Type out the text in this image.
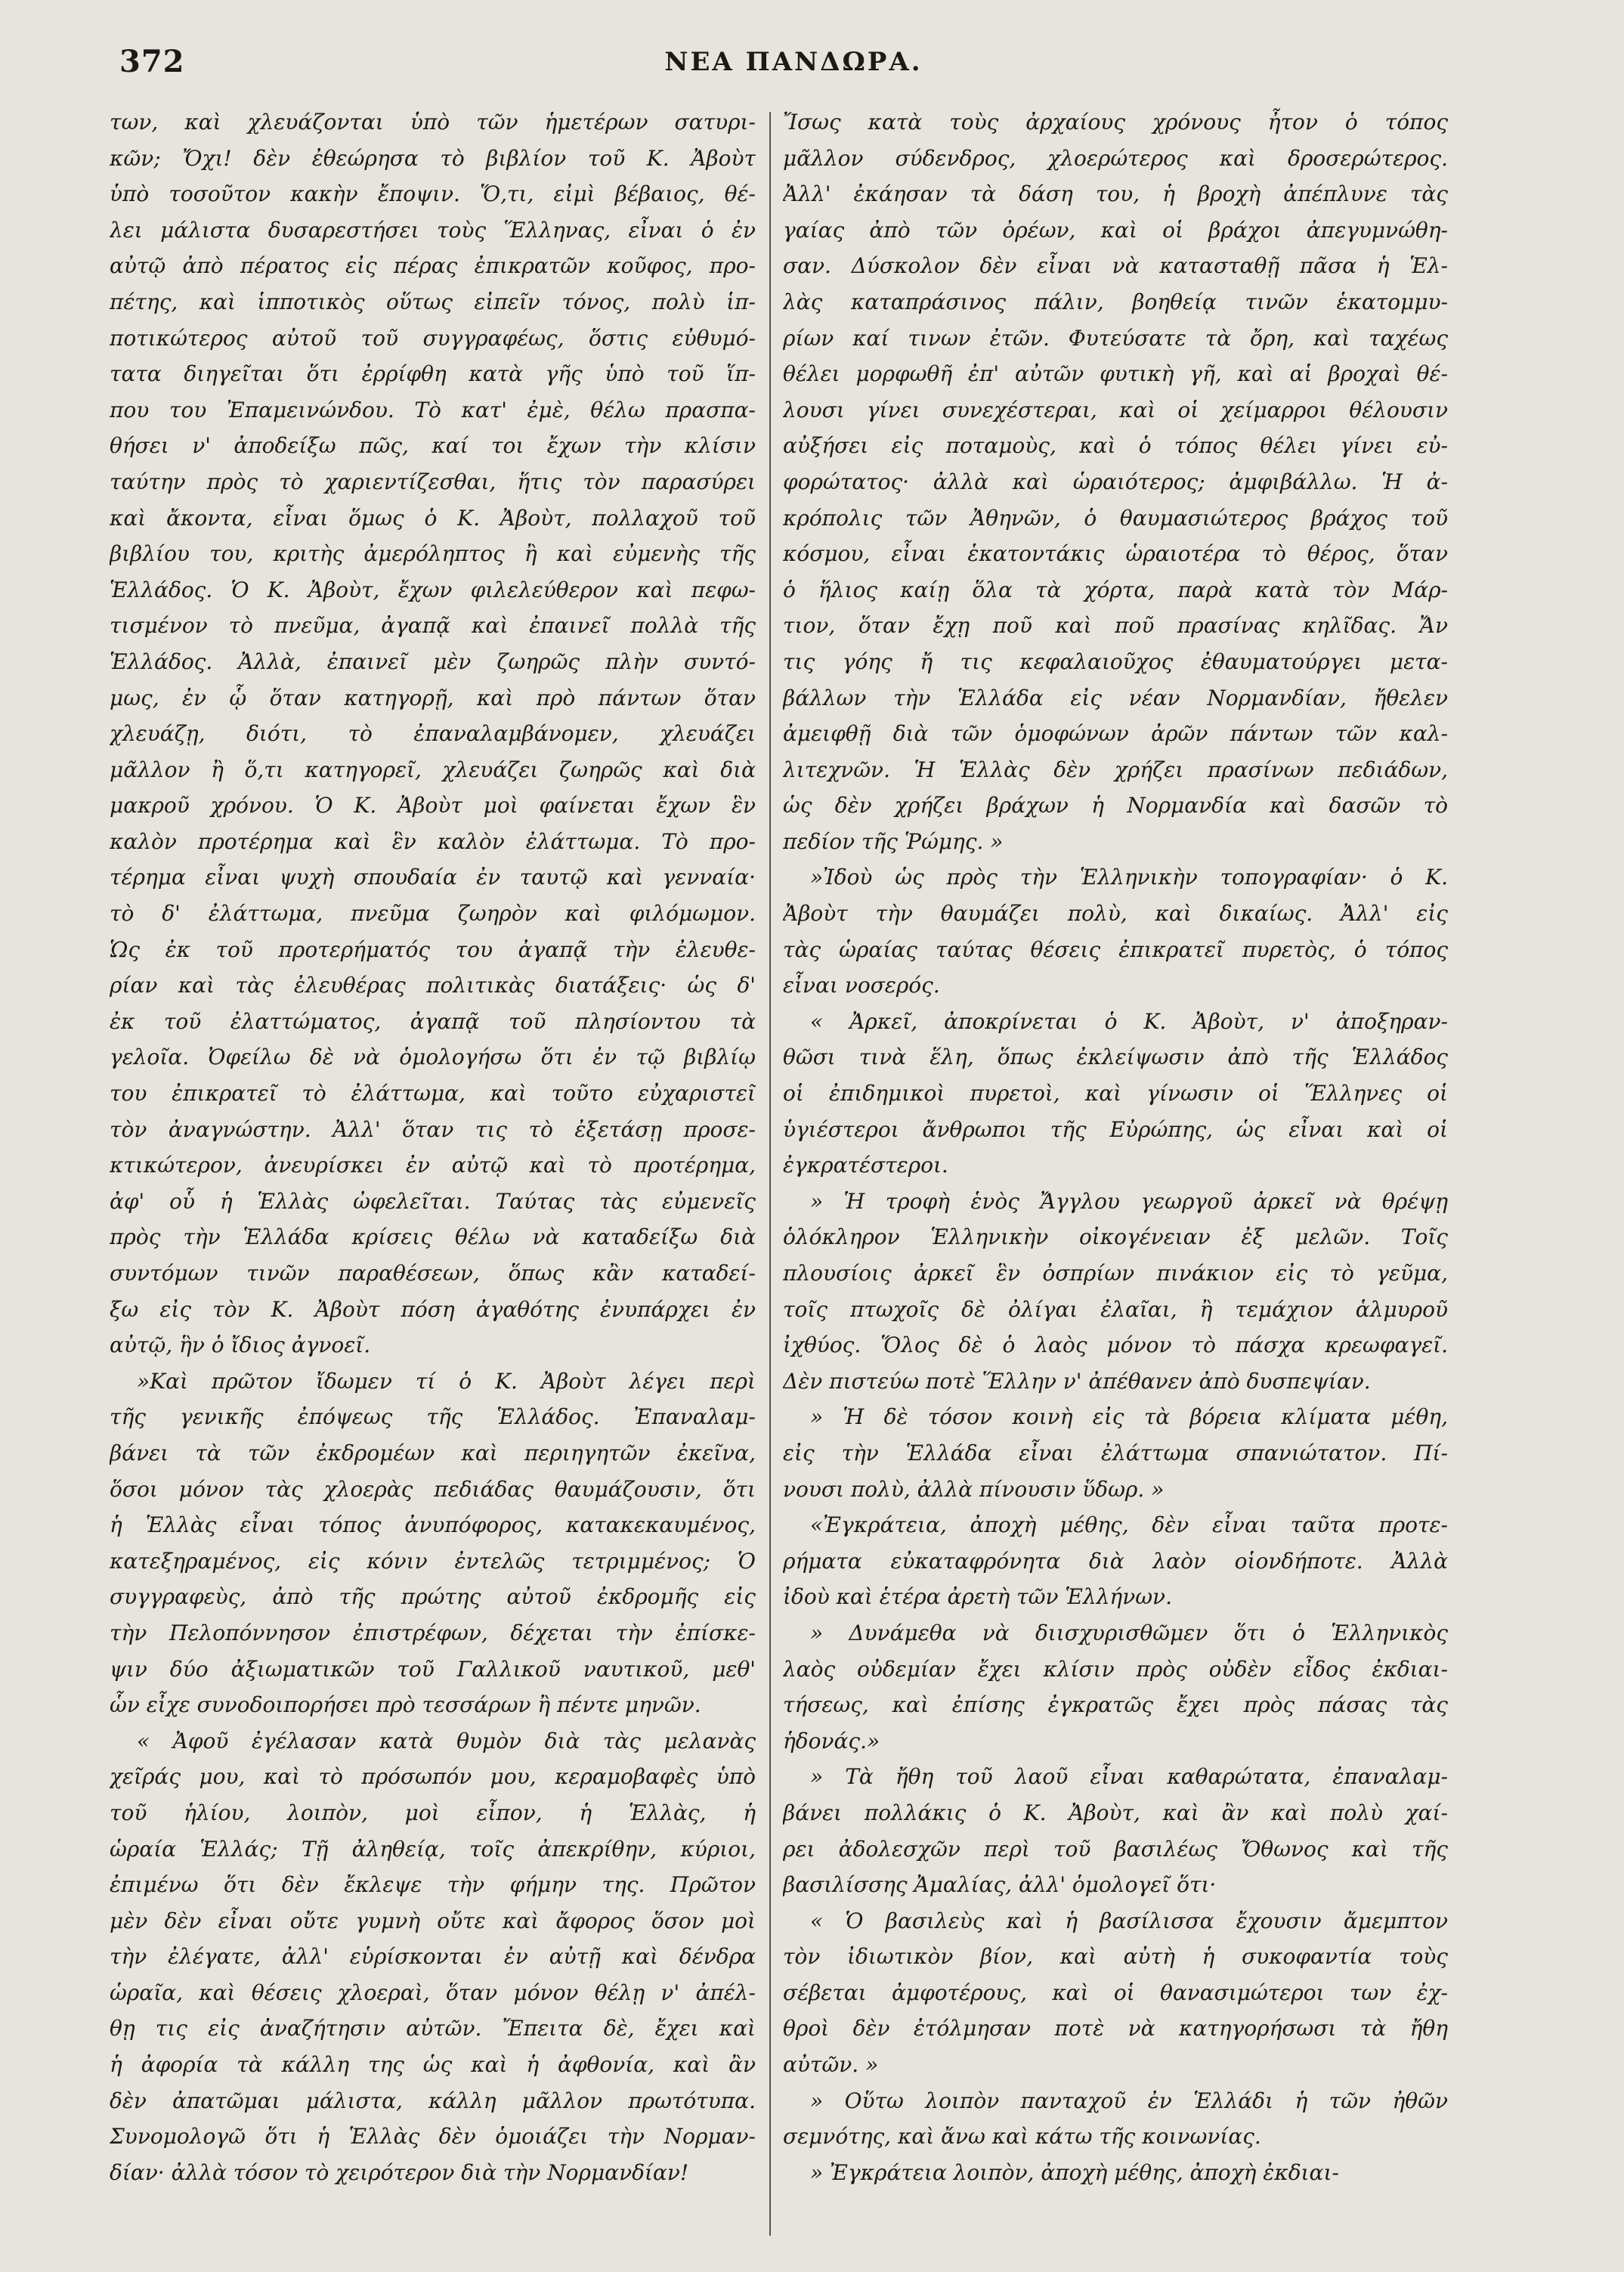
372	ΝΕΑ ΠΑΝΔΩΡΑ.
των, καὶ χλευάζονται ὑπὸ τῶν ἡμετέρων σατυρι-
κῶν; Ὄχι! δὲν ἐθεώρησα τὸ βιβλίον τοῦ Κ. Ἀβοὺτ
ὑπὸ τοσοῦτον κακὴν ἔποψιν. Ὅ,τι, εἰμὶ βέβαιος, θέ-
λει μάλιστα δυσαρεστήσει τοὺς Ἕλληνας, εἶναι ὁ ἐν
αὐτῷ ἀπὸ πέρατος εἰς πέρας ἐπικρατῶν κοῦφος, προ-
πέτης, καὶ ἱπποτικὸς οὕτως εἰπεῖν τόνος, πολὺ ἱπ-
ποτικώτερος αὐτοῦ τοῦ συγγραφέως, ὅστις εὐθυμό-
τατα διηγεῖται ὅτι ἐρρίφθη κατὰ γῆς ὑπὸ τοῦ ἵπ-
που του Ἐπαμεινώνδου. Τὸ κατ' ἐμὲ, θέλω πρασπα-
θήσει ν' ἀποδείξω πῶς, καί τοι ἔχων τὴν κλίσιν
ταύτην πρὸς τὸ χαριεντίζεσθαι, ἥτις τὸν παρασύρει
καὶ ἄκοντα, εἶναι ὅμως ὁ Κ. Ἀβοὺτ, πολλαχοῦ τοῦ
βιβλίου του, κριτὴς ἀμερόληπτος ἢ καὶ εὐμενὴς τῆς
Ἑλλάδος. Ὁ Κ. Ἀβοὺτ, ἔχων φιλελεύθερον καὶ πεφω-
τισμένον τὸ πνεῦμα, ἀγαπᾷ καὶ ἐπαινεῖ πολλὰ τῆς
Ἑλλάδος. Ἀλλὰ, ἐπαινεῖ μὲν ζωηρῶς πλὴν συντό-
μως, ἐν ᾧ ὅταν κατηγορῇ, καὶ πρὸ πάντων ὅταν
χλευάζῃ, διότι, τὸ ἐπαναλαμβάνομεν, χλευάζει
μᾶλλον ἢ ὅ,τι κατηγορεῖ, χλευάζει ζωηρῶς καὶ διὰ
μακροῦ χρόνου. Ὁ Κ. Ἀβοὺτ μοὶ φαίνεται ἔχων ἓν
καλὸν προτέρημα καὶ ἓν καλὸν ἐλάττωμα. Τὸ προ-
τέρημα εἶναι ψυχὴ σπουδαία ἐν ταυτῷ καὶ γενναία·
τὸ δ' ἐλάττωμα, πνεῦμα ζωηρὸν καὶ φιλόμωμον.
Ὡς ἐκ τοῦ προτερήματός του ἀγαπᾷ τὴν ἐλευθε-
ρίαν καὶ τὰς ἐλευθέρας πολιτικὰς διατάξεις· ὡς δ'
ἐκ τοῦ ἐλαττώματος, ἀγαπᾷ τοῦ πλησίοντου τὰ
γελοῖα. Ὀφείλω δὲ νὰ ὁμολογήσω ὅτι ἐν τῷ βιβλίῳ
του ἐπικρατεῖ τὸ ἐλάττωμα, καὶ τοῦτο εὐχαριστεῖ
τὸν ἀναγνώστην. Ἀλλ' ὅταν τις τὸ ἐξετάσῃ προσε-
κτικώτερον, ἀνευρίσκει ἐν αὐτῷ καὶ τὸ προτέρημα,
ἀφ' οὗ ἡ Ἑλλὰς ὠφελεῖται. Ταύτας τὰς εὐμενεῖς
πρὸς τὴν Ἑλλάδα κρίσεις θέλω νὰ καταδείξω διὰ
συντόμων τινῶν παραθέσεων, ὅπως κἂν καταδεί-
ξω εἰς τὸν Κ. Ἀβοὺτ πόση ἀγαθότης ἐνυπάρχει ἐν
αὐτῷ, ἣν ὁ ἴδιος ἀγνοεῖ.
»Καὶ πρῶτον ἴδωμεν τί ὁ Κ. Ἀβοὺτ λέγει περὶ
τῆς γενικῆς ἐπόψεως τῆς Ἑλλάδος. Ἐπαναλαμ-
βάνει τὰ τῶν ἐκδρομέων καὶ περιηγητῶν ἐκεῖνα,
ὅσοι μόνον τὰς χλοερὰς πεδιάδας θαυμάζουσιν, ὅτι
ἡ Ἑλλὰς εἶναι τόπος ἀνυπόφορος, κατακεκαυμένος,
κατεξηραμένος, εἰς κόνιν ἐντελῶς τετριμμένος; Ὁ
συγγραφεὺς, ἀπὸ τῆς πρώτης αὐτοῦ ἐκδρομῆς εἰς
τὴν Πελοπόννησον ἐπιστρέφων, δέχεται τὴν ἐπίσκε-
ψιν δύο ἀξιωματικῶν τοῦ Γαλλικοῦ ναυτικοῦ, μεθ'
ὧν εἶχε συνοδοιπορήσει πρὸ τεσσάρων ἢ πέντε μηνῶν.
« Ἀφοῦ ἐγέλασαν κατὰ θυμὸν διὰ τὰς μελανὰς
χεῖράς μου, καὶ τὸ πρόσωπόν μου, κεραμοβαφὲς ὑπὸ
τοῦ ἡλίου, λοιπὸν, μοὶ εἶπον, ἡ Ἑλλὰς, ἡ
ὡραία Ἑλλάς; Τῇ ἀληθείᾳ, τοῖς ἀπεκρίθην, κύριοι,
ἐπιμένω ὅτι δὲν ἔκλεψε τὴν φήμην της. Πρῶτον
μὲν δὲν εἶναι οὔτε γυμνὴ οὔτε καὶ ἄφορος ὅσον μοὶ
τὴν ἐλέγατε, ἀλλ' εὑρίσκονται ἐν αὐτῇ καὶ δένδρα
ὡραῖα, καὶ θέσεις χλοεραὶ, ὅταν μόνον θέλῃ ν' ἀπέλ-
θῃ τις εἰς ἀναζήτησιν αὐτῶν. Ἔπειτα δὲ, ἔχει καὶ
ἡ ἀφορία τὰ κάλλη της ὡς καὶ ἡ ἀφθονία, καὶ ἂν
δὲν ἀπατῶμαι μάλιστα, κάλλη μᾶλλον πρωτότυπα.
Συνομολογῶ ὅτι ἡ Ἑλλὰς δὲν ὁμοιάζει τὴν Νορμαν-
δίαν· ἀλλὰ τόσον τὸ χειρότερον διὰ τὴν Νορμανδίαν!
Ἴσως κατὰ τοὺς ἀρχαίους χρόνους ἦτον ὁ τόπος
μᾶλλον σύδενδρος, χλοερώτερος καὶ δροσερώτερος.
Ἀλλ' ἐκάησαν τὰ δάση του, ἡ βροχὴ ἀπέπλυνε τὰς
γαίας ἀπὸ τῶν ὀρέων, καὶ οἱ βράχοι ἀπεγυμνώθη-
σαν. Δύσκολον δὲν εἶναι νὰ κατασταθῇ πᾶσα ἡ Ἑλ-
λὰς καταπράσινος πάλιν, βοηθείᾳ τινῶν ἑκατομμυ-
ρίων καί τινων ἐτῶν. Φυτεύσατε τὰ ὄρη, καὶ ταχέως
θέλει μορφωθῆ ἐπ' αὐτῶν φυτικὴ γῆ, καὶ αἱ βροχαὶ θέ-
λουσι γίνει συνεχέστεραι, καὶ οἱ χείμαρροι θέλουσιν
αὐξήσει εἰς ποταμοὺς, καὶ ὁ τόπος θέλει γίνει εὐ-
φορώτατος· ἀλλὰ καὶ ὡραιότερος; ἀμφιβάλλω. Ἡ ἀ-
κρόπολις τῶν Ἀθηνῶν, ὁ θαυμασιώτερος βράχος τοῦ
κόσμου, εἶναι ἑκατοντάκις ὡραιοτέρα τὸ θέρος, ὅταν
ὁ ἥλιος καίῃ ὅλα τὰ χόρτα, παρὰ κατὰ τὸν Μάρ-
τιον, ὅταν ἔχῃ ποῦ καὶ ποῦ πρασίνας κηλῖδας. Ἄν
τις γόης ἤ τις κεφαλαιοῦχος ἐθαυματούργει μετα-
βάλλων τὴν Ἑλλάδα εἰς νέαν Νορμανδίαν, ἤθελεν
ἀμειφθῇ διὰ τῶν ὁμοφώνων ἀρῶν πάντων τῶν καλ-
λιτεχνῶν. Ἡ Ἑλλὰς δὲν χρήζει πρασίνων πεδιάδων,
ὡς δὲν χρήζει βράχων ἡ Νορμανδία καὶ δασῶν τὸ
πεδίον τῆς Ῥώμης. »
»Ἰδοὺ ὡς πρὸς τὴν Ἑλληνικὴν τοπογραφίαν· ὁ Κ.
Ἀβοὺτ τὴν θαυμάζει πολὺ, καὶ δικαίως. Ἀλλ' εἰς
τὰς ὡραίας ταύτας θέσεις ἐπικρατεῖ πυρετὸς, ὁ τόπος
εἶναι νοσερός.
« Ἀρκεῖ, ἀποκρίνεται ὁ Κ. Ἀβοὺτ, ν' ἀποξηραν-
θῶσι τινὰ ἕλη, ὅπως ἐκλείψωσιν ἀπὸ τῆς Ἑλλάδος
οἱ ἐπιδημικοὶ πυρετοὶ, καὶ γίνωσιν οἱ Ἕλληνες οἱ
ὑγιέστεροι ἄνθρωποι τῆς Εὐρώπης, ὡς εἶναι καὶ οἱ
ἐγκρατέστεροι.
» Ἡ τροφὴ ἑνὸς Ἄγγλου γεωργοῦ ἀρκεῖ νὰ θρέψῃ
ὁλόκληρον Ἑλληνικὴν οἰκογένειαν ἐξ μελῶν. Τοῖς
πλουσίοις ἀρκεῖ ἓν ὀσπρίων πινάκιον εἰς τὸ γεῦμα,
τοῖς πτωχοῖς δὲ ὀλίγαι ἐλαῖαι, ἢ τεμάχιον ἁλμυροῦ
ἰχθύος. Ὅλος δὲ ὁ λαὸς μόνον τὸ πάσχα κρεωφαγεῖ.
Δὲν πιστεύω ποτὲ Ἕλλην ν' ἀπέθανεν ἀπὸ δυσπεψίαν.
» Ἡ δὲ τόσον κοινὴ εἰς τὰ βόρεια κλίματα μέθη,
εἰς τὴν Ἑλλάδα εἶναι ἐλάττωμα σπανιώτατον. Πί-
νουσι πολὺ, ἀλλὰ πίνουσιν ὕδωρ. »
«Ἐγκράτεια, ἀποχὴ μέθης, δὲν εἶναι ταῦτα προτε-
ρήματα εὐκαταφρόνητα διὰ λαὸν οἱονδήποτε. Ἀλλὰ
ἰδοὺ καὶ ἑτέρα ἀρετὴ τῶν Ἑλλήνων.
» Δυνάμεθα νὰ διισχυρισθῶμεν ὅτι ὁ Ἑλληνικὸς
λαὸς οὐδεμίαν ἔχει κλίσιν πρὸς οὐδὲν εἶδος ἐκδιαι-
τήσεως, καὶ ἐπίσης ἐγκρατῶς ἔχει πρὸς πάσας τὰς
ἡδονάς.»
» Τὰ ἤθη τοῦ λαοῦ εἶναι καθαρώτατα, ἐπαναλαμ-
βάνει πολλάκις ὁ Κ. Ἀβοὺτ, καὶ ἂν καὶ πολὺ χαί-
ρει ἀδολεσχῶν περὶ τοῦ βασιλέως Ὄθωνος καὶ τῆς
βασιλίσσης Ἀμαλίας, ἀλλ' ὁμολογεῖ ὅτι·
« Ὁ βασιλεὺς καὶ ἡ βασίλισσα ἔχουσιν ἄμεμπτον
τὸν ἰδιωτικὸν βίον, καὶ αὐτὴ ἡ συκοφαντία τοὺς
σέβεται ἀμφοτέρους, καὶ οἱ θανασιμώτεροι των ἐχ-
θροὶ δὲν ἐτόλμησαν ποτὲ νὰ κατηγορήσωσι τὰ ἤθη
αὐτῶν. »
» Οὕτω λοιπὸν πανταχοῦ ἐν Ἑλλάδι ἡ τῶν ἠθῶν
σεμνότης, καὶ ἄνω καὶ κάτω τῆς κοινωνίας.
» Ἐγκράτεια λοιπὸν, ἀποχὴ μέθης, ἀποχὴ ἐκδιαι-
